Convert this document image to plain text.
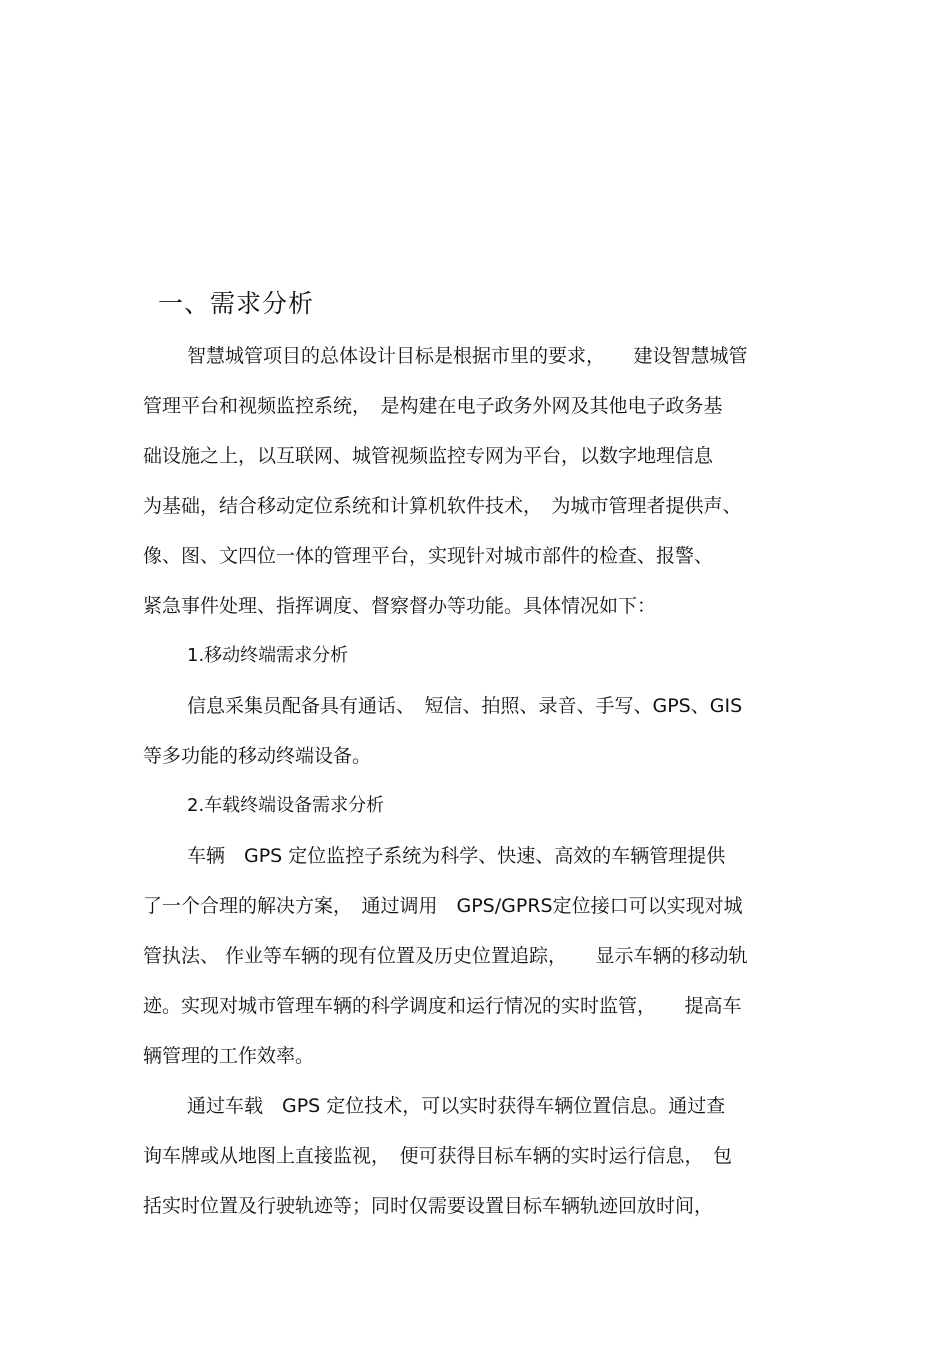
一、需求分析
智慧城管项目的总体设计目标是根据市里的要求，　　建设智慧城管
管理平台和视频监控系统，　是构建在电子政务外网及其他电子政务基
础设施之上，以互联网、城管视频监控专网为平台，以数字地理信息
为基础，结合移动定位系统和计算机软件技术，　为城市管理者提供声、
像、图、文四位一体的管理平台，实现针对城市部件的检查、报警、
紧急事件处理、指挥调度、督察督办等功能。具体情况如下：
1.移动终端需求分析
信息采集员配备具有通话、　短信、拍照、录音、手写、GPS、GIS
等多功能的移动终端设备。
2.车载终端设备需求分析
车辆　GPS 定位监控子系统为科学、快速、高效的车辆管理提供
了一个合理的解决方案，　通过调用　GPS/GPRS定位接口可以实现对城
管执法、 作业等车辆的现有位置及历史位置追踪，　　显示车辆的移动轨
迹。实现对城市管理车辆的科学调度和运行情况的实时监管，　　提高车
辆管理的工作效率。
通过车载　GPS 定位技术，可以实时获得车辆位置信息。通过查
询车牌或从地图上直接监视，　便可获得目标车辆的实时运行信息，　包
括实时位置及行驶轨迹等；同时仅需要设置目标车辆轨迹回放时间，
